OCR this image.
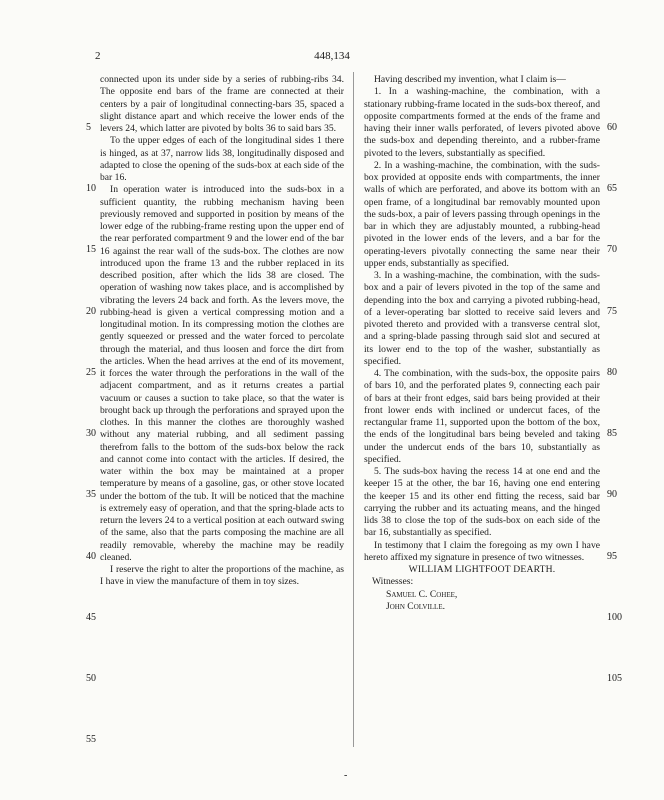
2	448,134

connected upon its under side by a series of rubbing-ribs 34. The opposite end bars of the frame are connected at their centers by a pair of longitudinal connecting-bars 35, spaced a slight distance apart and which receive the lower ends of the levers 24, which latter are pivoted by bolts 36 to said bars 35.

To the upper edges of each of the longitudinal sides 1 there is hinged, as at 37, narrow lids 38, longitudinally disposed and adapted to close the opening of the suds-box at each side of the bar 16.

In operation water is introduced into the suds-box in a sufficient quantity, the rubbing mechanism having been previously removed and supported in position by means of the lower edge of the rubbing-frame resting upon the upper end of the rear perforated compartment 9 and the lower end of the bar 16 against the rear wall of the suds-box. The clothes are now introduced upon the frame 13 and the rubber replaced in its described position, after which the lids 38 are closed. The operation of washing now takes place, and is accomplished by vibrating the levers 24 back and forth. As the levers move, the rubbing-head is given a vertical compressing motion and a longitudinal motion. In its compressing motion the clothes are gently squeezed or pressed and the water forced to percolate through the material, and thus loosen and force the dirt from the articles. When the head arrives at the end of its movement, it forces the water through the perforations in the wall of the adjacent compartment, and as it returns creates a partial vacuum or causes a suction to take place, so that the water is brought back up through the perforations and sprayed upon the clothes. In this manner the clothes are thoroughly washed without any material rubbing, and all sediment passing therefrom falls to the bottom of the suds-box below the rack and cannot come into contact with the articles. If desired, the water within the box may be maintained at a proper temperature by means of a gasoline, gas, or other stove located under the bottom of the tub. It will be noticed that the machine is extremely easy of operation, and that the spring-blade acts to return the levers 24 to a vertical position at each outward swing of the same, also that the parts composing the machine are all readily removable, whereby the machine may be readily cleaned.

I reserve the right to alter the proportions of the machine, as I have in view the manufacture of them in toy sizes.

Having described my invention, what I claim is—

1. In a washing-machine, the combination, with a stationary rubbing-frame located in the suds-box thereof, and opposite compartments formed at the ends of the frame and having their inner walls perforated, of levers pivoted above the suds-box and depending thereinto, and a rubber-frame pivoted to the levers, substantially as specified.

2. In a washing-machine, the combination, with the suds-box provided at opposite ends with compartments, the inner walls of which are perforated, and above its bottom with an open frame, of a longitudinal bar removably mounted upon the suds-box, a pair of levers passing through openings in the bar in which they are adjustably mounted, a rubbing-head pivoted in the lower ends of the levers, and a bar for the operating-levers pivotally connecting the same near their upper ends, substantially as specified.

3. In a washing-machine, the combination, with the suds-box and a pair of levers pivoted in the top of the same and depending into the box and carrying a pivoted rubbing-head, of a lever-operating bar slotted to receive said levers and pivoted thereto and provided with a transverse central slot, and a spring-blade passing through said slot and secured at its lower end to the top of the washer, substantially as specified.

4. The combination, with the suds-box, the opposite pairs of bars 10, and the perforated plates 9, connecting each pair of bars at their front edges, said bars being provided at their front lower ends with inclined or undercut faces, of the rectangular frame 11, supported upon the bottom of the box, the ends of the longitudinal bars being beveled and taking under the undercut ends of the bars 10, substantially as specified.

5. The suds-box having the recess 14 at one end and the keeper 15 at the other, the bar 16, having one end entering the keeper 15 and its other end fitting the recess, said bar carrying the rubber and its actuating means, and the hinged lids 38 to close the top of the suds-box on each side of the bar 16, substantially as specified.

In testimony that I claim the foregoing as my own I have hereto affixed my signature in presence of two witnesses.

WILLIAM LIGHTFOOT DEARTH.

Witnesses:

Samuel C. Cohee,

John Colville.

5
10
15
20
25
30
35
40
45
50
55
60
65
70
75
80
85
90
95
100
105
-
